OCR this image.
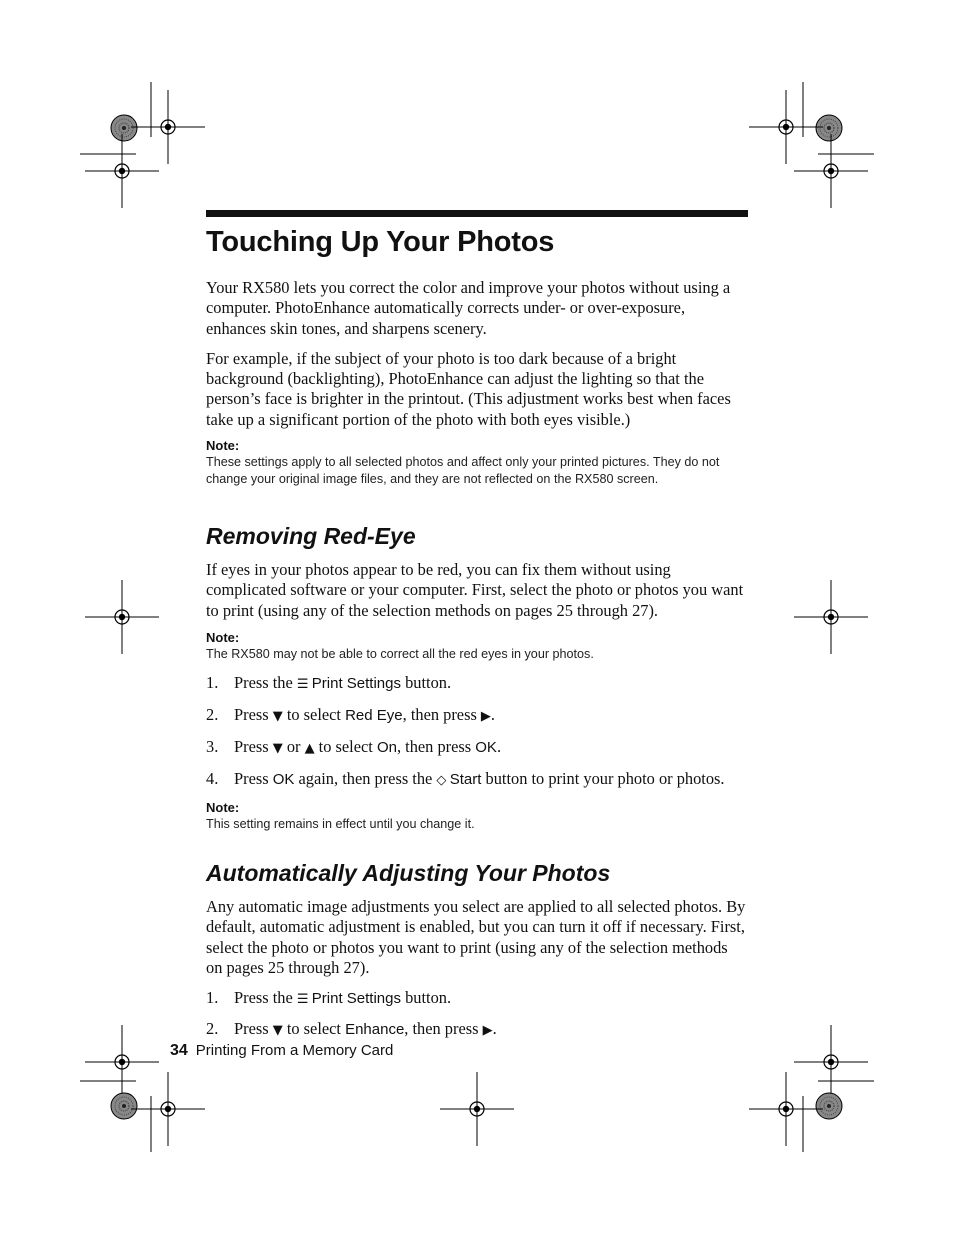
Touching Up Your Photos

Your RX580 lets you correct the color and improve your photos without using a computer. PhotoEnhance automatically corrects under- or over-exposure, enhances skin tones, and sharpens scenery.

For example, if the subject of your photo is too dark because of a bright background (backlighting), PhotoEnhance can adjust the lighting so that the person’s face is brighter in the printout. (This adjustment works best when faces take up a significant portion of the photo with both eyes visible.)

Note:

These settings apply to all selected photos and affect only your printed pictures. They do not change your original image files, and they are not reflected on the RX580 screen.

Removing Red-Eye

If eyes in your photos appear to be red, you can fix them without using complicated software or your computer. First, select the photo or photos you want to print (using any of the selection methods on pages 25 through 27).

Note:

The RX580 may not be able to correct all the red eyes in your photos.

1. Press the ☰  Print Settings button.
2. Press ▼ to select Red Eye, then press ▶.
3. Press ▼ or ▲ to select On, then press OK.
4. Press OK again, then press the ◇  Start button to print your photo or photos.

Note:

This setting remains in effect until you change it.

Automatically Adjusting Your Photos

Any automatic image adjustments you select are applied to all selected photos. By default, automatic adjustment is enabled, but you can turn it off if necessary. First, select the photo or photos you want to print (using any of the selection methods on pages 25 through 27).

1. Press the ☰  Print Settings button.
2. Press ▼ to select Enhance, then press ▶.
34 Printing From a Memory Card
